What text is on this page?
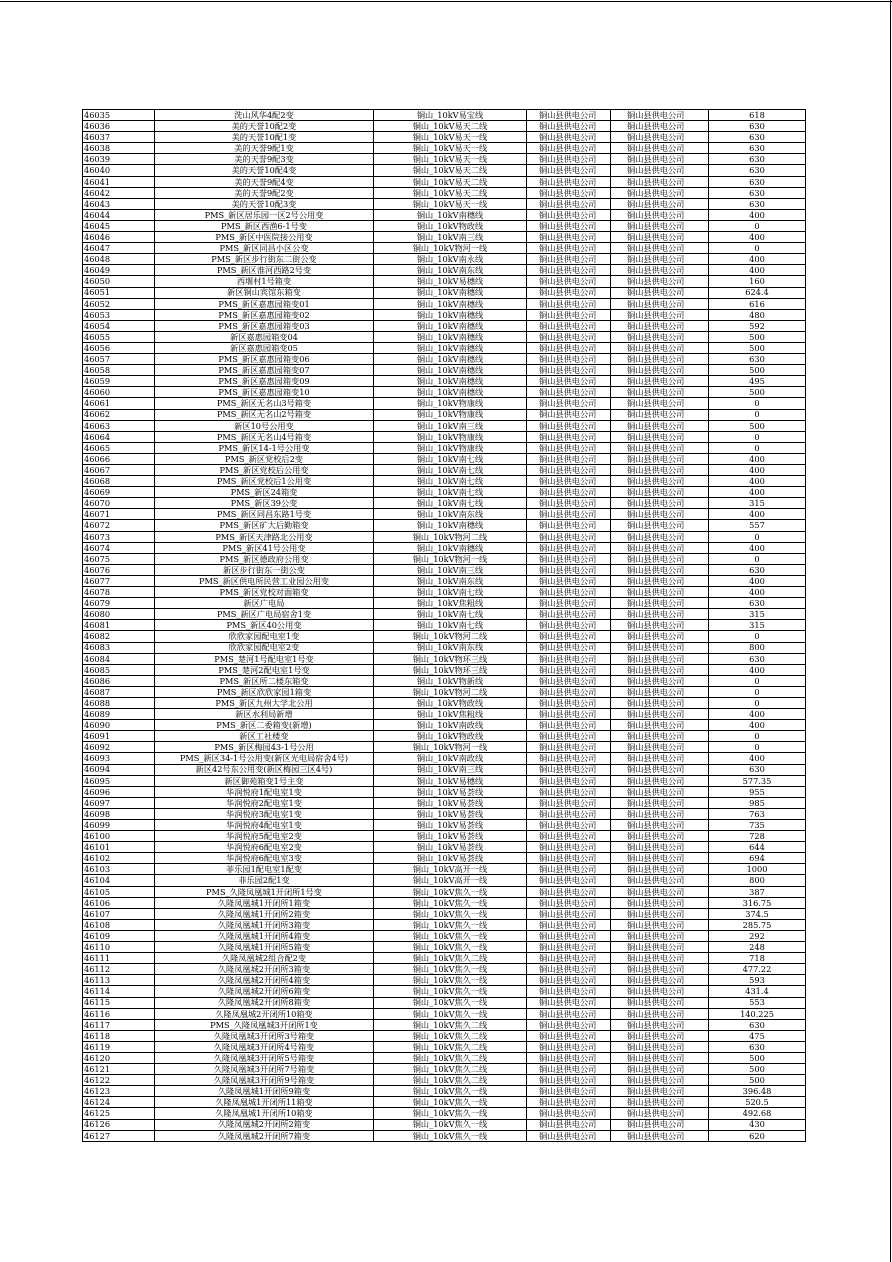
46035	洗山风华4配2变	铜山_10kV易宝线	铜山县供电公司	铜山县供电公司	618
46036	美的天誉10配2变	铜山_10kV易天二线	铜山县供电公司	铜山县供电公司	630
46037	美的天誉10配1变	铜山_10kV易天一线	铜山县供电公司	铜山县供电公司	630
46038	美的天誉9配1变	铜山_10kV易天一线	铜山县供电公司	铜山县供电公司	630
46039	美的天誉9配3变	铜山_10kV易天一线	铜山县供电公司	铜山县供电公司	630
46040	美的天誉10配4变	铜山_10kV易天二线	铜山县供电公司	铜山县供电公司	630
46041	美的天誉9配4变	铜山_10kV易天二线	铜山县供电公司	铜山县供电公司	630
46042	美的天誉9配2变	铜山_10kV易天二线	铜山县供电公司	铜山县供电公司	630
46043	美的天誉10配3变	铜山_10kV易天一线	铜山县供电公司	铜山县供电公司	630
46044	PMS_新区居乐园一区2号公用变	铜山_10kV南穗线	铜山县供电公司	铜山县供电公司	400
46045	PMS_新区西渔6-1号变	铜山_10kV物政线	铜山县供电公司	铜山县供电公司	0
46046	PMS_新区中医院接公用变	铜山_10kV南三线	铜山县供电公司	铜山县供电公司	400
46047	PMS_新区同昌小区公变	铜山_10kV物河一线	铜山县供电公司	铜山县供电公司	0
46048	PMS_新区步行街东二街公变	铜山_10kV南永线	铜山县供电公司	铜山县供电公司	400
46049	PMS_新区淮河西路2号变	铜山_10kV南东线	铜山县供电公司	铜山县供电公司	400
46050	西堰村1号箱变	铜山_10kV易穗线	铜山县供电公司	铜山县供电公司	160
46051	新区铜山宾馆东箱变	铜山_10kV南穗线	铜山县供电公司	铜山县供电公司	624.4
46052	PMS_新区嘉惠园箱变01	铜山_10kV南穗线	铜山县供电公司	铜山县供电公司	616
46053	PMS_新区嘉惠园箱变02	铜山_10kV南穗线	铜山县供电公司	铜山县供电公司	480
46054	PMS_新区嘉惠园箱变03	铜山_10kV南穗线	铜山县供电公司	铜山县供电公司	592
46055	新区嘉惠园箱变04	铜山_10kV南穗线	铜山县供电公司	铜山县供电公司	500
46056	新区嘉惠园箱变05	铜山_10kV南穗线	铜山县供电公司	铜山县供电公司	500
46057	PMS_新区嘉惠园箱变06	铜山_10kV南穗线	铜山县供电公司	铜山县供电公司	630
46058	PMS_新区嘉惠园箱变07	铜山_10kV南穗线	铜山县供电公司	铜山县供电公司	500
46059	PMS_新区嘉惠园箱变09	铜山_10kV南穗线	铜山县供电公司	铜山县供电公司	495
46060	PMS_新区嘉惠园箱变10	铜山_10kV南穗线	铜山县供电公司	铜山县供电公司	500
46061	PMS_新区无名山3号箱变	铜山_10kV物康线	铜山县供电公司	铜山县供电公司	0
46062	PMS_新区无名山2号箱变	铜山_10kV物康线	铜山县供电公司	铜山县供电公司	0
46063	新区10号公用变	铜山_10kV南三线	铜山县供电公司	铜山县供电公司	500
46064	PMS_新区无名山4号箱变	铜山_10kV物康线	铜山县供电公司	铜山县供电公司	0
46065	PMS_新区14-1号公用变	铜山_10kV物康线	铜山县供电公司	铜山县供电公司	0
46066	PMS_新区党校后2变	铜山_10kV南七线	铜山县供电公司	铜山县供电公司	400
46067	PMS_新区党校后公用变	铜山_10kV南七线	铜山县供电公司	铜山县供电公司	400
46068	PMS_新区党校后1公用变	铜山_10kV南七线	铜山县供电公司	铜山县供电公司	400
46069	PMS_新区24箱变	铜山_10kV南七线	铜山县供电公司	铜山县供电公司	400
46070	PMS_新区39公变	铜山_10kV南七线	铜山县供电公司	铜山县供电公司	315
46071	PMS_新区同昌东路1号变	铜山_10kV南东线	铜山县供电公司	铜山县供电公司	400
46072	PMS_新区矿大后勤箱变	铜山_10kV南穗线	铜山县供电公司	铜山县供电公司	557
46073	PMS_新区天津路北公用变	铜山_10kV物河二线	铜山县供电公司	铜山县供电公司	0
46074	PMS_新区41号公用变	铜山_10kV南穗线	铜山县供电公司	铜山县供电公司	400
46075	PMS_新区德政府公用变	铜山_10kV物河一线	铜山县供电公司	铜山县供电公司	0
46076	新区步行街东一街公变	铜山_10kV南三线	铜山县供电公司	铜山县供电公司	630
46077	PMS_新区供电所民营工业园公用变	铜山_10kV南东线	铜山县供电公司	铜山县供电公司	400
46078	PMS_新区党校对面箱变	铜山_10kV南七线	铜山县供电公司	铜山县供电公司	400
46079	新区广电局	铜山_10kV焦粗线	铜山县供电公司	铜山县供电公司	630
46080	PMS_新区广电局宿舍1变	铜山_10kV南七线	铜山县供电公司	铜山县供电公司	315
46081	PMS_新区40公用变	铜山_10kV南七线	铜山县供电公司	铜山县供电公司	315
46082	欣欣家园配电室1变	铜山_10kV物河二线	铜山县供电公司	铜山县供电公司	0
46083	欣欣家园配电室2变	铜山_10kV南东线	铜山县供电公司	铜山县供电公司	800
46084	PMS_楚河1号配电室1号变	铜山_10kV物环三线	铜山县供电公司	铜山县供电公司	630
46085	PMS_楚河2配电室1号变	铜山_10kV物环三线	铜山县供电公司	铜山县供电公司	400
46086	PMS_新区所二楼东箱变	铜山_10kV物新线	铜山县供电公司	铜山县供电公司	0
46087	PMS_新区欣欣家园1箱变	铜山_10kV物河二线	铜山县供电公司	铜山县供电公司	0
46088	PMS_新区九州大学北公用	铜山_10kV物政线	铜山县供电公司	铜山县供电公司	0
46089	新区水利局新增	铜山_10kV焦粗线	铜山县供电公司	铜山县供电公司	400
46090	PMS_新区二委箱变(新增)	铜山_10kV南政线	铜山县供电公司	铜山县供电公司	400
46091	新区工社楼变	铜山_10kV物政线	铜山县供电公司	铜山县供电公司	0
46092	PMS_新区梅园43-1号公用	铜山_10kV物河一线	铜山县供电公司	铜山县供电公司	0
46093	PMS_新区34-1号公用变(新区光电局宿舍4号)	铜山_10kV南政线	铜山县供电公司	铜山县供电公司	400
46094	新区42号东公用变(新区梅园三区4号)	铜山_10kV南三线	铜山县供电公司	铜山县供电公司	630
46095	新区御苑箱变1号主变	铜山_10kV易穗线	铜山县供电公司	铜山县供电公司	577.35
46096	华润悦府1配电室1变	铜山_10kV易荟线	铜山县供电公司	铜山县供电公司	955
46097	华润悦府2配电室1变	铜山_10kV易荟线	铜山县供电公司	铜山县供电公司	985
46098	华润悦府3配电室1变	铜山_10kV易荟线	铜山县供电公司	铜山县供电公司	763
46099	华润悦府4配电室1变	铜山_10kV易荟线	铜山县供电公司	铜山县供电公司	735
46100	华润悦府5配电室2变	铜山_10kV易荟线	铜山县供电公司	铜山县供电公司	728
46101	华润悦府6配电室2变	铜山_10kV易荟线	铜山县供电公司	铜山县供电公司	644
46102	华润悦府6配电室3变	铜山_10kV易荟线	铜山县供电公司	铜山县供电公司	694
46103	菲乐园1配电室1配变	铜山_10kV高开一线	铜山县供电公司	铜山县供电公司	1000
46104	菲乐园2配1变	铜山_10kV高开一线	铜山县供电公司	铜山县供电公司	800
46105	PMS_久隆凤凰城1开闭所1号变	铜山_10kV焦久一线	铜山县供电公司	铜山县供电公司	387
46106	久隆凤凰城1开闭所1箱变	铜山_10kV焦久一线	铜山县供电公司	铜山县供电公司	316.75
46107	久隆凤凰城1开闭所2箱变	铜山_10kV焦久一线	铜山县供电公司	铜山县供电公司	374.5
46108	久隆凤凰城1开闭所3箱变	铜山_10kV焦久一线	铜山县供电公司	铜山县供电公司	285.75
46109	久隆凤凰城1开闭所4箱变	铜山_10kV焦久一线	铜山县供电公司	铜山县供电公司	292
46110	久隆凤凰城1开闭所5箱变	铜山_10kV焦久一线	铜山县供电公司	铜山县供电公司	248
46111	久隆凤凰城2组合配2变	铜山_10kV焦久二线	铜山县供电公司	铜山县供电公司	718
46112	久隆凤凰城2开闭所3箱变	铜山_10kV焦久一线	铜山县供电公司	铜山县供电公司	477.22
46113	久隆凤凰城2开闭所4箱变	铜山_10kV焦久一线	铜山县供电公司	铜山县供电公司	593
46114	久隆凤凰城2开闭所6箱变	铜山_10kV焦久一线	铜山县供电公司	铜山县供电公司	431.4
46115	久隆凤凰城2开闭所8箱变	铜山_10kV焦久一线	铜山县供电公司	铜山县供电公司	553
46116	久隆凤凰城2开闭所10箱变	铜山_10kV焦久一线	铜山县供电公司	铜山县供电公司	140.225
46117	PMS_久隆凤凰城3开闭所1变	铜山_10kV焦久二线	铜山县供电公司	铜山县供电公司	630
46118	久隆凤凰城3开闭所3号箱变	铜山_10kV焦久二线	铜山县供电公司	铜山县供电公司	475
46119	久隆凤凰城3开闭所4号箱变	铜山_10kV焦久二线	铜山县供电公司	铜山县供电公司	630
46120	久隆凤凰城3开闭所5号箱变	铜山_10kV焦久二线	铜山县供电公司	铜山县供电公司	500
46121	久隆凤凰城3开闭所7号箱变	铜山_10kV焦久二线	铜山县供电公司	铜山县供电公司	500
46122	久隆凤凰城3开闭所9号箱变	铜山_10kV焦久二线	铜山县供电公司	铜山县供电公司	500
46123	久隆凤凰城1开闭所9箱变	铜山_10kV焦久一线	铜山县供电公司	铜山县供电公司	396.48
46124	久隆凤凰城1开闭所11箱变	铜山_10kV焦久一线	铜山县供电公司	铜山县供电公司	520.5
46125	久隆凤凰城1开闭所10箱变	铜山_10kV焦久一线	铜山县供电公司	铜山县供电公司	492.68
46126	久隆凤凰城2开闭所2箱变	铜山_10kV焦久一线	铜山县供电公司	铜山县供电公司	430
46127	久隆凤凰城2开闭所7箱变	铜山_10kV焦久一线	铜山县供电公司	铜山县供电公司	620
